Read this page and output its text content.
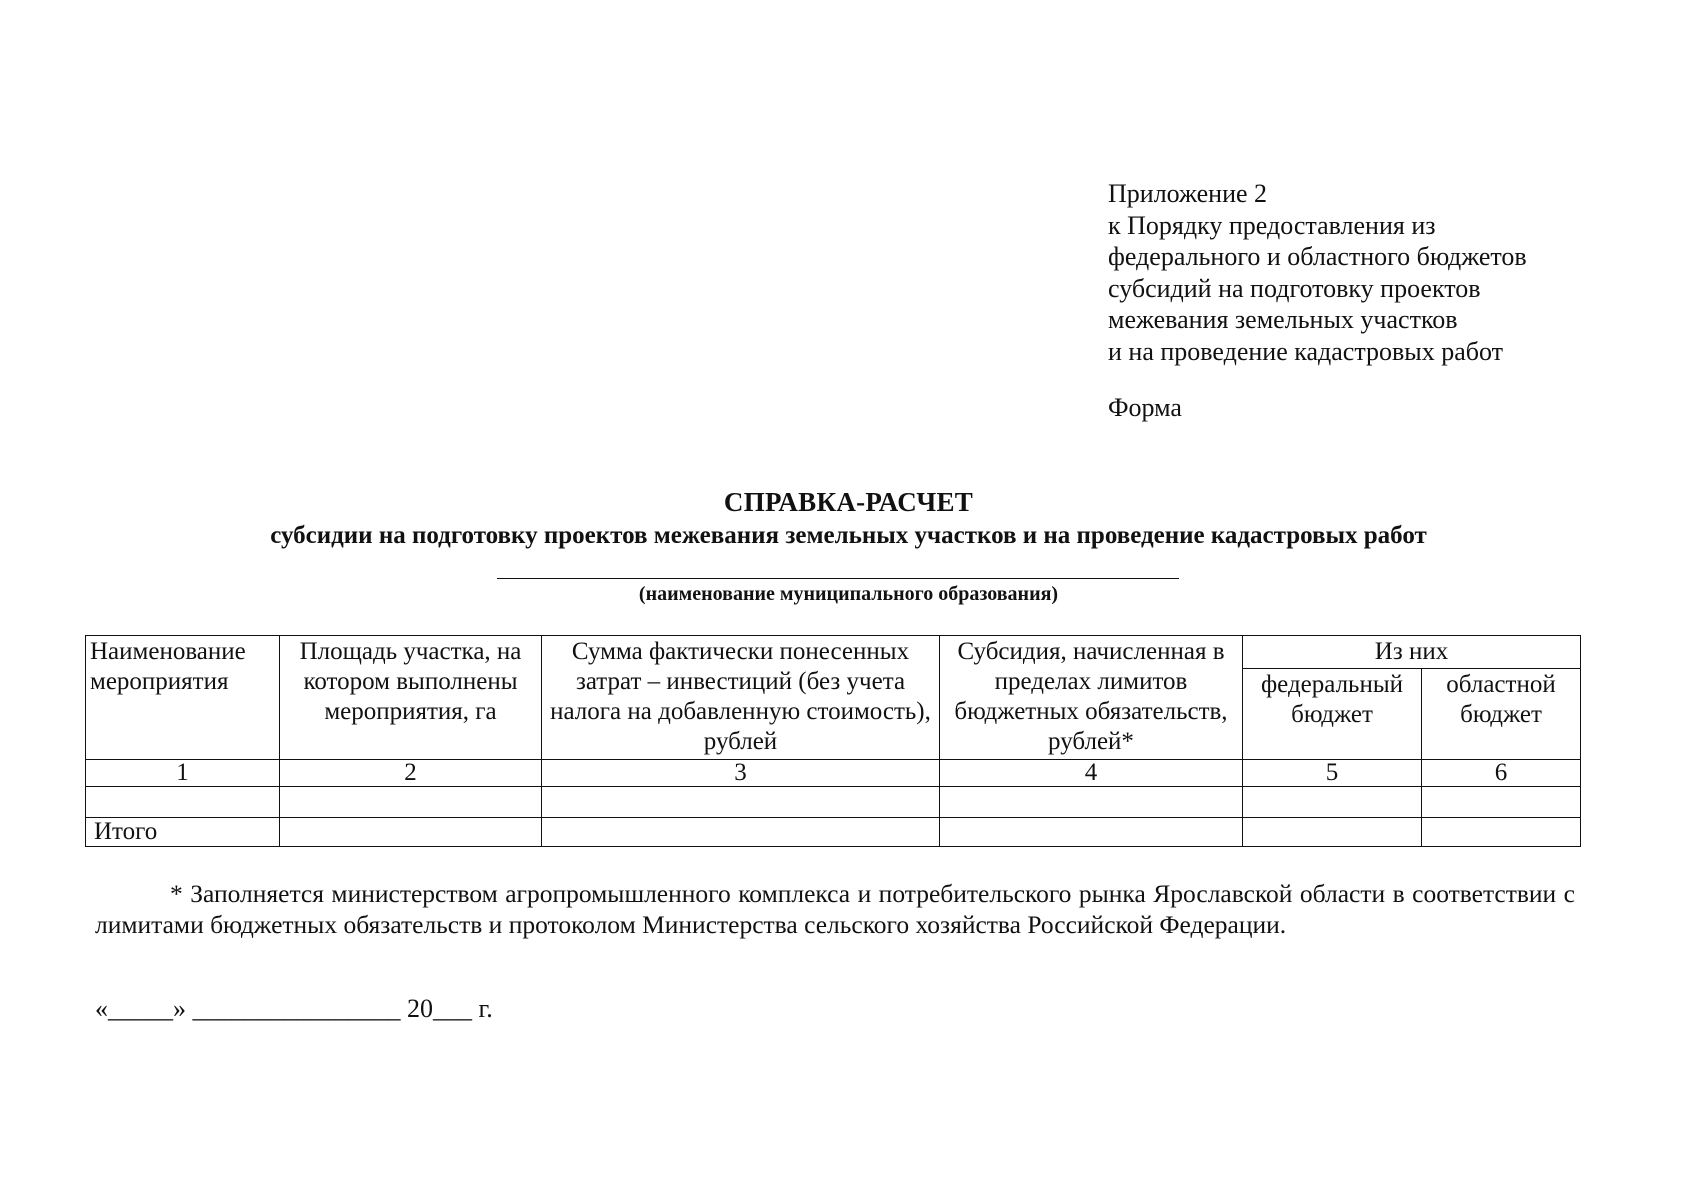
Приложение 2
к Порядку предоставления из
федерального и областного бюджетов
субсидий на подготовку проектов
межевания земельных участков
и на проведение кадастровых работ
Форма
СПРАВКА-РАСЧЕТ
субсидии на подготовку проектов межевания земельных участков и на проведение кадастровых работ
(наименование муниципального образования)
Наименование мероприятия	Площадь участка, на котором выполнены мероприятия, га	Сумма фактически понесенных затрат – инвестиций (без учета налога на добавленную стоимость), рублей	Субсидия, начисленная в пределах лимитов бюджетных обязательств, рублей*	Из них	
				федеральный бюджет	областной бюджет
1	2	3	4	5	6

Итого					
* Заполняется министерством агропромышленного комплекса и потребительского рынка Ярославской области в соответствии с лимитами бюджетных обязательств и протоколом Министерства сельского хозяйства Российской Федерации.
«_____» ________________ 20___ г.
